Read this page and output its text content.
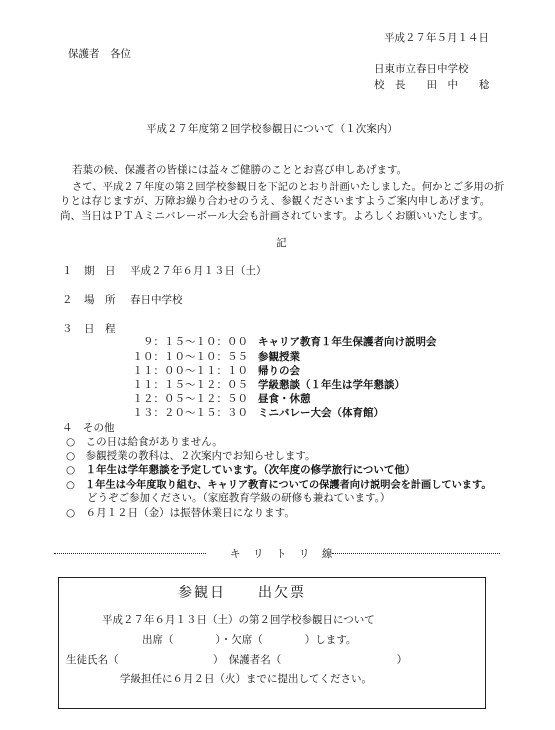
平成２７年５月１４日
保護者　各位
日東市立春日中学校
校　長　　田　中　　稔
平成２７年度第２回学校参観日について（１次案内）
若葉の候、保護者の皆様には益々ご健勝のこととお喜び申しあげます。
さて、平成２７年度の第２回学校参観日を下記のとおり計画いたしました。何かとご多用の折
りとは存じますが、万障お繰り合わせのうえ、参観くださいますようご案内申しあげます。
尚、当日はＰＴＡミニバレーボール大会も計画されています。よろしくお願いいたします。
記
１ 期　日 平成２７年６月１３日（土）
２ 場　所 春日中学校
３ 日　程
９：１５～１０：００ キャリア教育１年生保護者向け説明会
１０：１０～１０：５５ 参観授業
１１：００～１１：１０ 帰りの会
１１：１５～１２：０５ 学級懇談（１年生は学年懇談）
１２：０５～１２：５０ 昼食・休憩
１３：２０～１５：３０ ミニバレー大会（体育館）
４　その他
○　この日は給食がありません。
○　参観授業の教科は、２次案内でお知らせします。
○　１年生は学年懇談を予定しています。（次年度の修学旅行について他）
○　１年生は今年度取り組む、キャリア教育についての保護者向け説明会を計画しています。
　　どうぞご参加ください。（家庭教育学級の研修も兼ねています。）
○　６月１２日（金）は振替休業日になります。
キ　リ　ト　リ　線
参観日　　出欠票
平成２７年６月１３日（土）の第２回学校参観日について
出席（　　　　）・欠席（　　　　）します。
生徒氏名（　　　　　　　　　）　保護者名（　　　　　　　　　　　）
学級担任に６月２日（火）までに提出してください。
